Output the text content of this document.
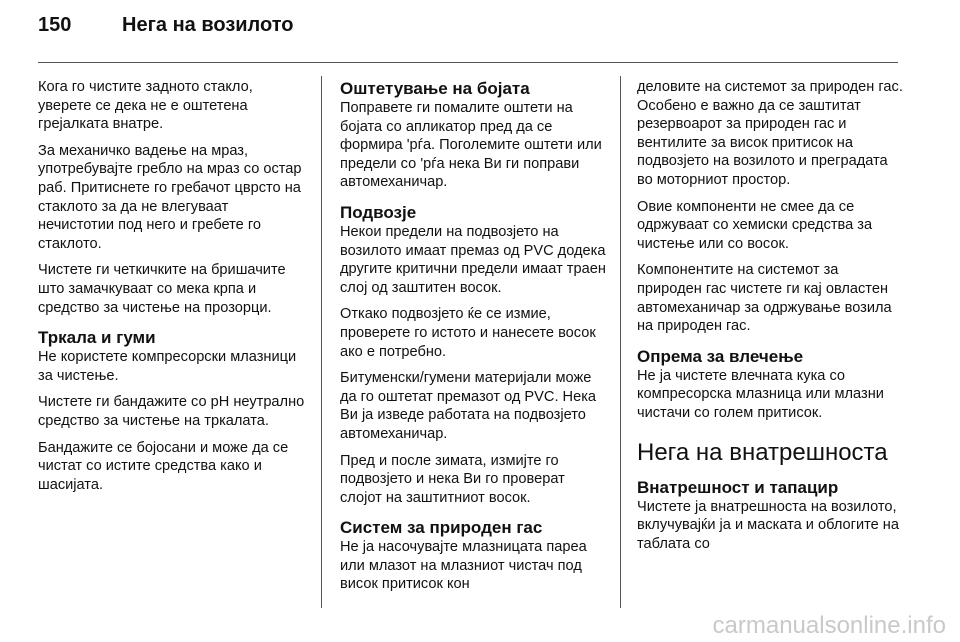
150	Нега на возилото

Кога го чистите задното стакло, уверете се дека не е оштетена грејалката внатре.

За механичко вадење на мраз, употребувајте гребло на мраз со остар раб. Притиснете го гребачот цврсто на стаклото за да не влегуваат нечистотии под него и гребете го стаклото.

Чистете ги четкичките на бришачите што замачкуваат со мека крпа и средство за чистење на прозорци.

Тркала и гуми

Не користете компресорски млазници за чистење.

Чистете ги бандажите со pH неутрално средство за чистење на тркалата.

Бандажите се бојосани и може да се чистат со истите средства како и шасијата.

Оштетување на бојата

Поправете ги помалите оштети на бојата со апликатор пред да се формира 'рѓа. Поголемите оштети или предели со 'рѓа нека Ви ги поправи автомеханичар.

Подвозје

Некои предели на подвозјето на возилото имаат премаз од PVC додека другите критични предели имаат траен слој од заштитен восок.

Откако подвозјето ќе се измие, проверете го истото и нанесете восок ако е потребно.

Битуменски/гумени материјали може да го оштетат премазот од PVC. Нека Ви ја изведе работата на подвозјето автомеханичар.

Пред и после зимата, измијте го подвозјето и нека Ви го проверат слојот на заштитниот восок.

Систем за природен гас

Не ја насочувајте млазницата пареа или млазот на млазниот чистач под висок притисок кон

деловите на системот за природен гас. Особено е важно да се заштитат резервоарот за природен гас и вентилите за висок притисок на подвозјето на возилото и преградата во моторниот простор.

Овие компоненти не смее да се одржуваат со хемиски средства за чистење или со восок.

Компонентите на системот за природен гас чистете ги кај овластен автомеханичар за одржување возила на природен гас.

Опрема за влечење

Не ја чистете влечната кука со компресорска млазница или млазни чистачи со голем притисок.

Нега на внатрешноста
Внатрешност и тапацир

Чистете ја внатрешноста на возилото, вклучувајќи ја и маската и облогите на таблата со

carmanualsonline.info
